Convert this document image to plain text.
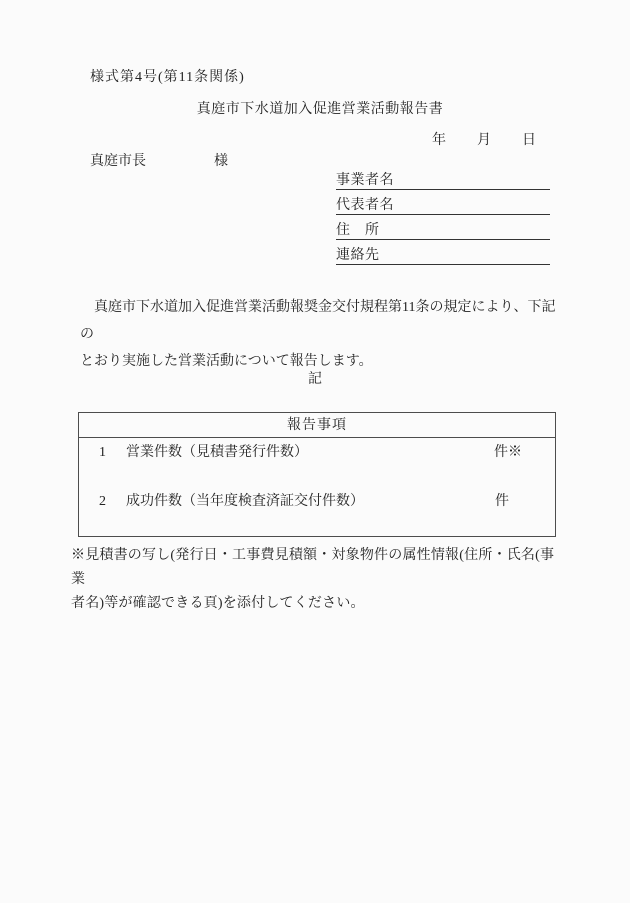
様式第4号(第11条関係)
真庭市下水道加入促進営業活動報告書
年　　月　　日
真庭市長	様
事業者名
代表者名
住　所
連絡先
　真庭市下水道加入促進営業活動報奨金交付規程第11条の規定により、下記の
とおり実施した営業活動について報告します。
記
報告事項
1	営業件数（見積書発行件数）	件※
2	成功件数（当年度検査済証交付件数）	件
※見積書の写し(発行日・工事費見積額・対象物件の属性情報(住所・氏名(事業
者名)等が確認できる頁)を添付してください。
